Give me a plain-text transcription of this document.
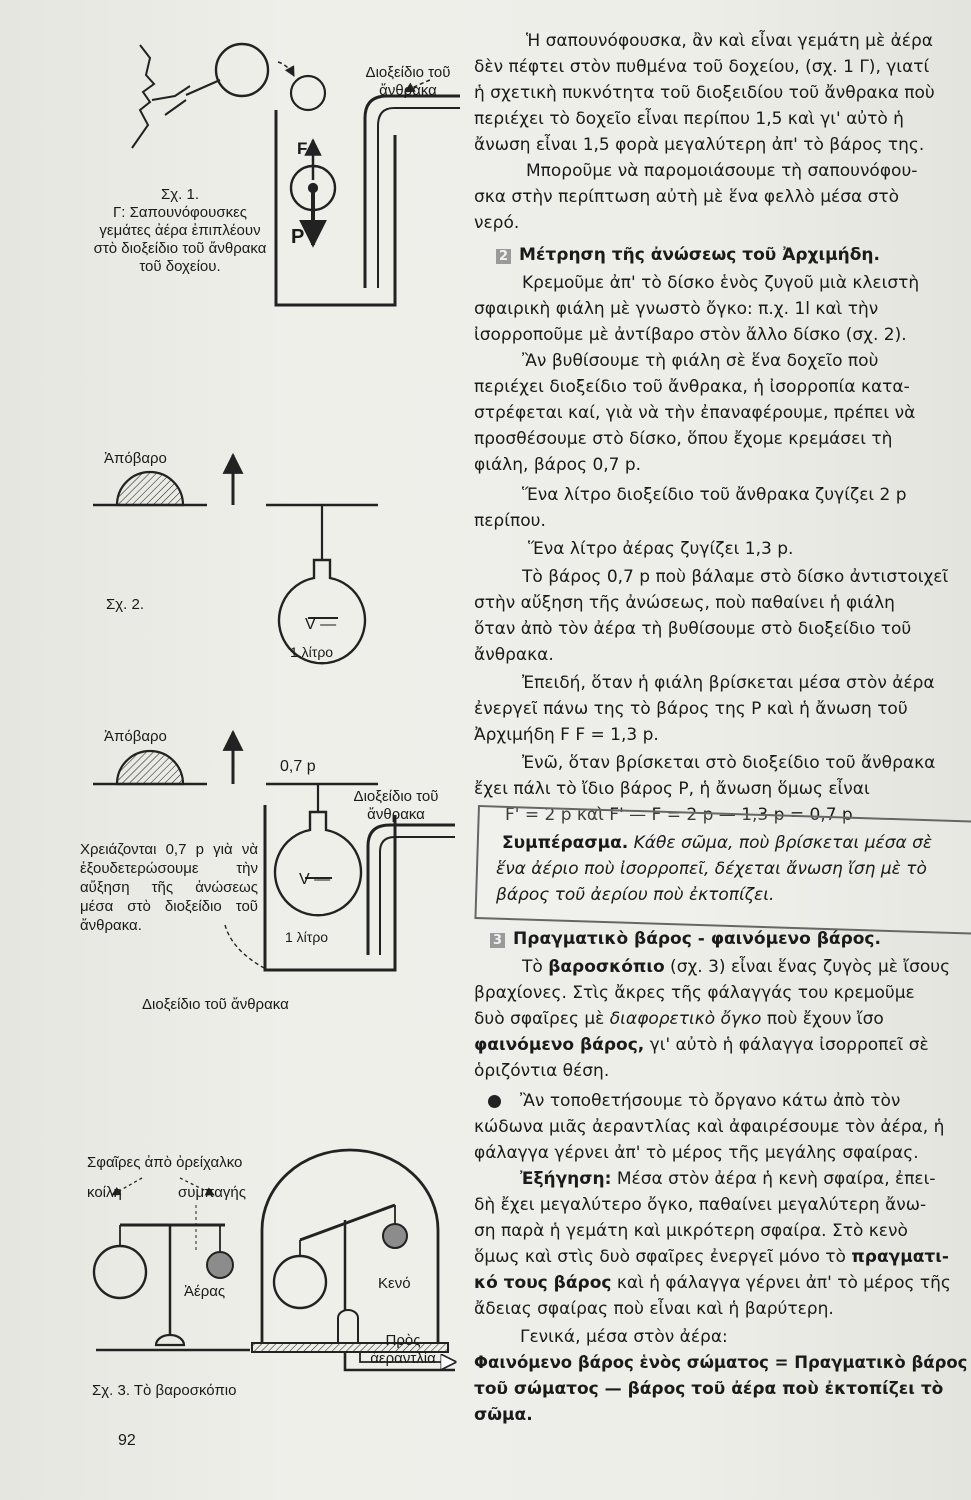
Διοξείδιο τοῦ ἄνθρακα
F
P
Σχ. 1.
Γ: Σαπουνόφουσκες γεμάτες ἀέρα ἐπιπλέουν στὸ διοξείδιο τοῦ ἄνθρακα τοῦ δοχείου.
Ἀπόβαρο
Σχ. 2.
V —
1 λίτρο
Ἀπόβαρο
0,7 p
Διοξείδιο τοῦ ἄνθρακα
V —
1 λίτρο
Χρειάζονται 0,7 p γιὰ νὰ ἐξουδετερώσουμε τὴν αὔξηση τῆς ἀνώσεως μέσα στὸ διοξείδιο τοῦ ἄνθρακα.
Διοξείδιο τοῦ ἄνθρακα
Σφαῖρες ἀπὸ ὀρείχαλκο
κοίλη	συμπαγής
Ἀέρας	Κενό
Πρὸς ἀεραντλία
Σχ. 3. Τὸ βαροσκόπιο
92
Ἡ σαπουνόφουσκα, ἂν καὶ εἶναι γεμάτη μὲ ἀέρα
δὲν πέφτει στὸν πυθμένα τοῦ δοχείου, (σχ. 1 Γ), γιατί
ἡ σχετικὴ πυκνότητα τοῦ διοξειδίου τοῦ ἄνθρακα ποὺ
περιέχει τὸ δοχεῖο εἶναι περίπου 1,5 καὶ γι' αὐτὸ ἡ
ἄνωση εἶναι 1,5 φορὰ μεγαλύτερη ἀπ' τὸ βάρος της.
Μποροῦμε νὰ παρομοιάσουμε τὴ σαπουνόφου-
σκα στὴν περίπτωση αὐτὴ μὲ ἕνα φελλὸ μέσα στὸ
νερό.
2 Μέτρηση τῆς ἀνώσεως τοῦ Ἀρχιμήδη.
Κρεμοῦμε ἀπ' τὸ δίσκο ἑνὸς ζυγοῦ μιὰ κλειστὴ
σφαιρικὴ φιάλη μὲ γνωστὸ ὄγκο: π.χ. 1l καὶ τὴν
ἰσορροποῦμε μὲ ἀντίβαρο στὸν ἄλλο δίσκο (σχ. 2).
Ἂν βυθίσουμε τὴ φιάλη σὲ ἕνα δοχεῖο ποὺ
περιέχει διοξείδιο τοῦ ἄνθρακα, ἡ ἰσορροπία κατα-
στρέφεται καί, γιὰ νὰ τὴν ἐπαναφέρουμε, πρέπει νὰ
προσθέσουμε στὸ δίσκο, ὅπου ἔχομε κρεμάσει τὴ
φιάλη, βάρος 0,7 p.
Ἕνα λίτρο διοξείδιο τοῦ ἄνθρακα ζυγίζει 2 p
περίπου.
Ἕνα λίτρο ἀέρας ζυγίζει 1,3 p.
Τὸ βάρος 0,7 p ποὺ βάλαμε στὸ δίσκο ἀντιστοιχεῖ
στὴν αὔξηση τῆς ἀνώσεως, ποὺ παθαίνει ἡ φιάλη
ὅταν ἀπὸ τὸν ἀέρα τὴ βυθίσουμε στὸ διοξείδιο τοῦ
ἄνθρακα.
Ἐπειδή, ὅταν ἡ φιάλη βρίσκεται μέσα στὸν ἀέρα
ἐνεργεῖ πάνω της τὸ βάρος της P καὶ ἡ ἄνωση τοῦ
Ἀρχιμήδη F F = 1,3 p.
Ἐνῶ, ὅταν βρίσκεται στὸ διοξείδιο τοῦ ἄνθρακα
ἔχει πάλι τὸ ἴδιο βάρος P, ἡ ἄνωση ὅμως εἶναι
F' = 2 p καὶ F' — F = 2 p — 1,3 p = 0,7 p
Συμπέρασμα. Κάθε σῶμα, ποὺ βρίσκεται μέσα σὲ
ἕνα ἀέριο ποὺ ἰσορροπεῖ, δέχεται ἄνωση ἴση μὲ τὸ
βάρος τοῦ ἀερίου ποὺ ἐκτοπίζει.
3 Πραγματικὸ βάρος - φαινόμενο βάρος.
Τὸ βαροσκόπιο (σχ. 3) εἶναι ἕνας ζυγὸς μὲ ἴσους
βραχίονες. Στὶς ἄκρες τῆς φάλαγγάς του κρεμοῦμε
δυὸ σφαῖρες μὲ διαφορετικὸ ὄγκο ποὺ ἔχουν ἴσο
φαινόμενο βάρος, γι' αὐτὸ ἡ φάλαγγα ἰσορροπεῖ σὲ
ὁριζόντια θέση.
Ἂν τοποθετήσουμε τὸ ὄργανο κάτω ἀπὸ τὸν
κώδωνα μιᾶς ἀεραντλίας καὶ ἀφαιρέσουμε τὸν ἀέρα, ἡ
φάλαγγα γέρνει ἀπ' τὸ μέρος τῆς μεγάλης σφαίρας.
Ἐξήγηση: Μέσα στὸν ἀέρα ἡ κενὴ σφαίρα, ἐπει-
δὴ ἔχει μεγαλύτερο ὄγκο, παθαίνει μεγαλύτερη ἄνω-
ση παρὰ ἡ γεμάτη καὶ μικρότερη σφαίρα. Στὸ κενὸ
ὅμως καὶ στὶς δυὸ σφαῖρες ἐνεργεῖ μόνο τὸ πραγματι-
κό τους βάρος καὶ ἡ φάλαγγα γέρνει ἀπ' τὸ μέρος τῆς
ἄδειας σφαίρας ποὺ εἶναι καὶ ἡ βαρύτερη.
Γενικά, μέσα στὸν ἀέρα:
Φαινόμενο βάρος ἑνὸς σώματος = Πραγματικὸ βάρος
τοῦ σώματος — βάρος τοῦ ἀέρα ποὺ ἐκτοπίζει τὸ
σῶμα.
